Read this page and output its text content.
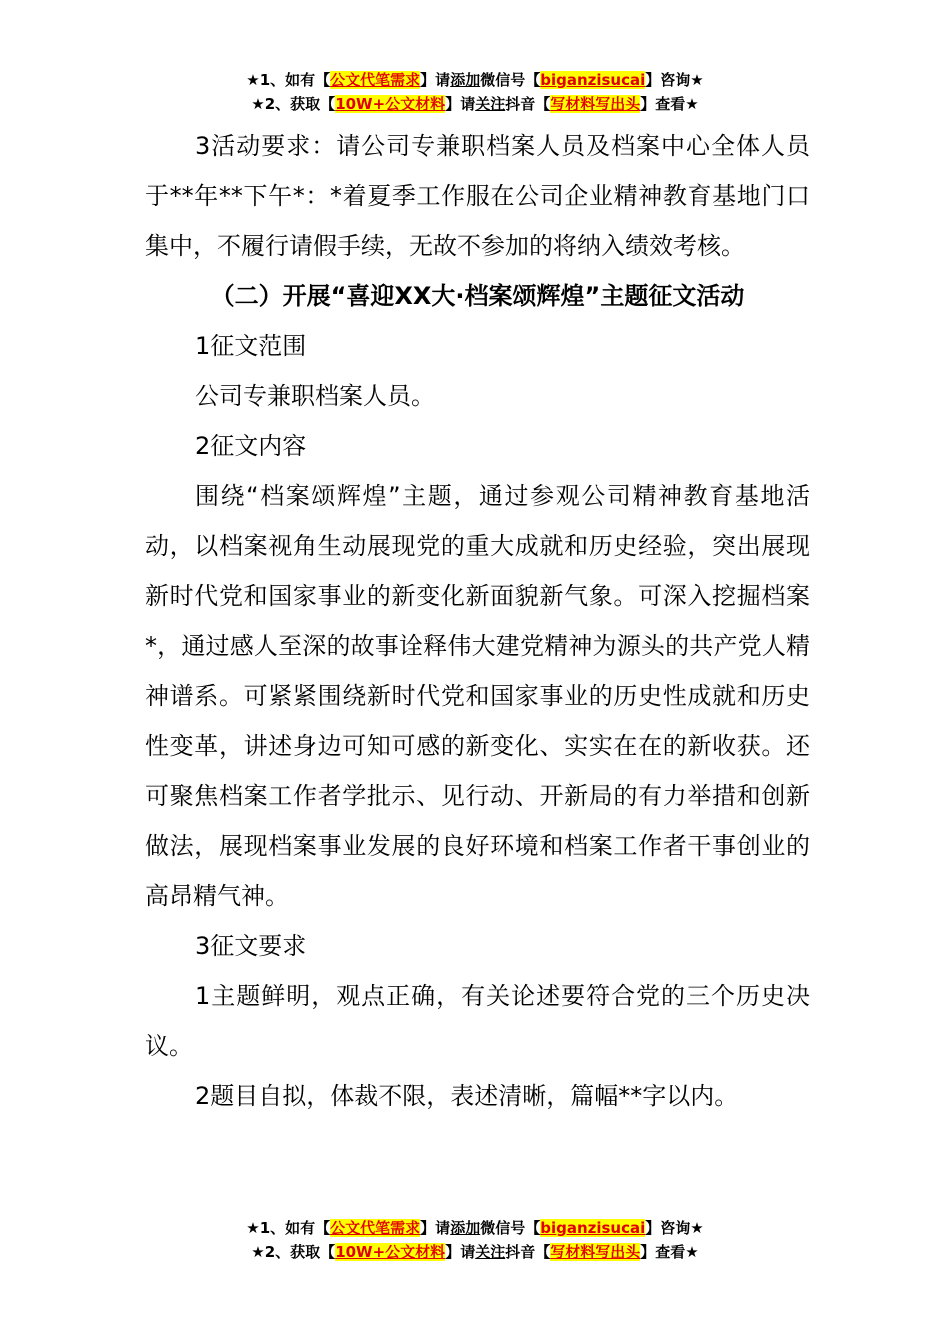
★1、如有【公文代笔需求】请添加微信号【biganzisucai】咨询★
★2、获取【10W+公文材料】请关注抖音【写材料写出头】查看★

3活动要求：请公司专兼职档案人员及档案中心全体人员于**年**下午*：*着夏季工作服在公司企业精神教育基地门口集中，不履行请假手续，无故不参加的将纳入绩效考核。

（二）开展“喜迎XX大·档案颂辉煌”主题征文活动

1征文范围

公司专兼职档案人员。

2征文内容

围绕“档案颂辉煌”主题，通过参观公司精神教育基地活动，以档案视角生动展现党的重大成就和历史经验，突出展现新时代党和国家事业的新变化新面貌新气象。可深入挖掘档案*，通过感人至深的故事诠释伟大建党精神为源头的共产党人精神谱系。可紧紧围绕新时代党和国家事业的历史性成就和历史性变革，讲述身边可知可感的新变化、实实在在的新收获。还可聚焦档案工作者学批示、见行动、开新局的有力举措和创新做法，展现档案事业发展的良好环境和档案工作者干事创业的高昂精气神。

3征文要求

1主题鲜明，观点正确，有关论述要符合党的三个历史决议。

2题目自拟，体裁不限，表述清晰，篇幅**字以内。

★1、如有【公文代笔需求】请添加微信号【biganzisucai】咨询★
★2、获取【10W+公文材料】请关注抖音【写材料写出头】查看★
